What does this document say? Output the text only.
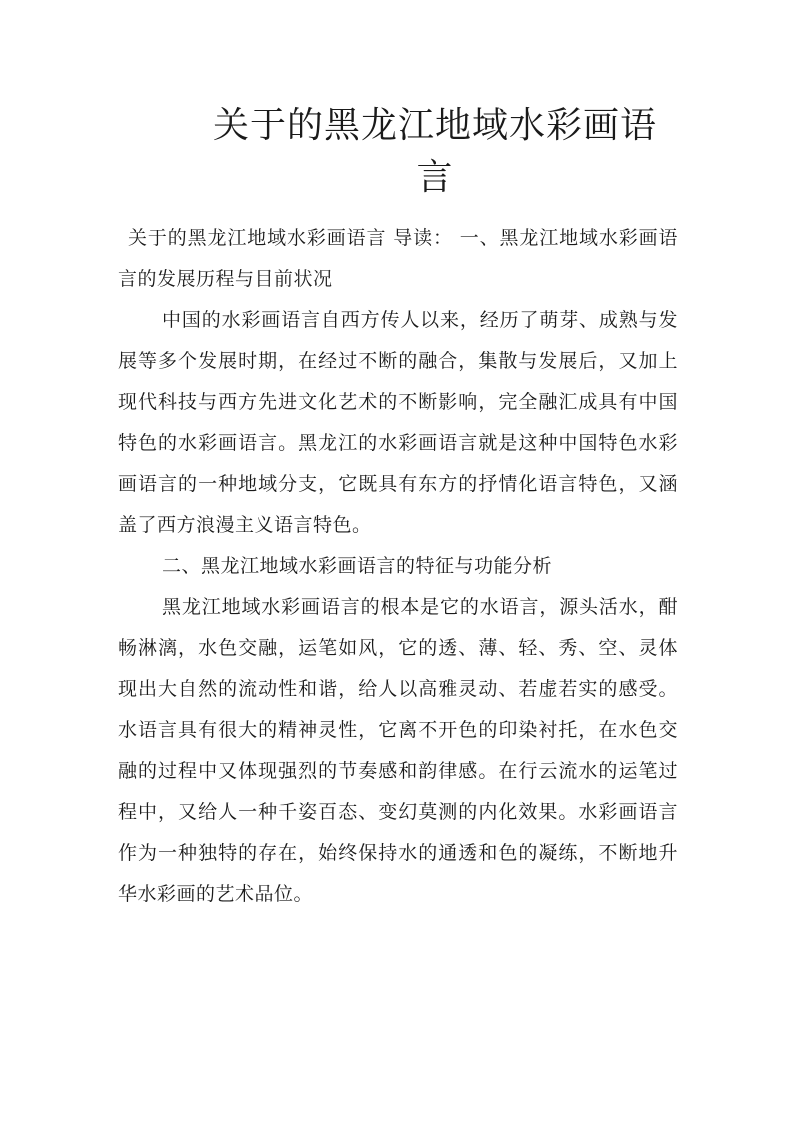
关于的黑龙江地域水彩画语言

关于的黑龙江地域水彩画语言 导读： 一、黑龙江地域水彩画语言的发展历程与目前状况

中国的水彩画语言自西方传人以来，经历了萌芽、成熟与发展等多个发展时期，在经过不断的融合，集散与发展后，又加上现代科技与西方先进文化艺术的不断影响，完全融汇成具有中国特色的水彩画语言。黑龙江的水彩画语言就是这种中国特色水彩画语言的一种地域分支，它既具有东方的抒情化语言特色，又涵盖了西方浪漫主义语言特色。

二、黑龙江地域水彩画语言的特征与功能分析

黑龙江地域水彩画语言的根本是它的水语言，源头活水，酣畅淋漓，水色交融，运笔如风，它的透、薄、轻、秀、空、灵体现出大自然的流动性和谐，给人以高雅灵动、若虚若实的感受。水语言具有很大的精神灵性，它离不开色的印染衬托，在水色交融的过程中又体现强烈的节奏感和韵律感。在行云流水的运笔过程中，又给人一种千姿百态、变幻莫测的内化效果。水彩画语言作为一种独特的存在，始终保持水的通透和色的凝练，不断地升华水彩画的艺术品位。
